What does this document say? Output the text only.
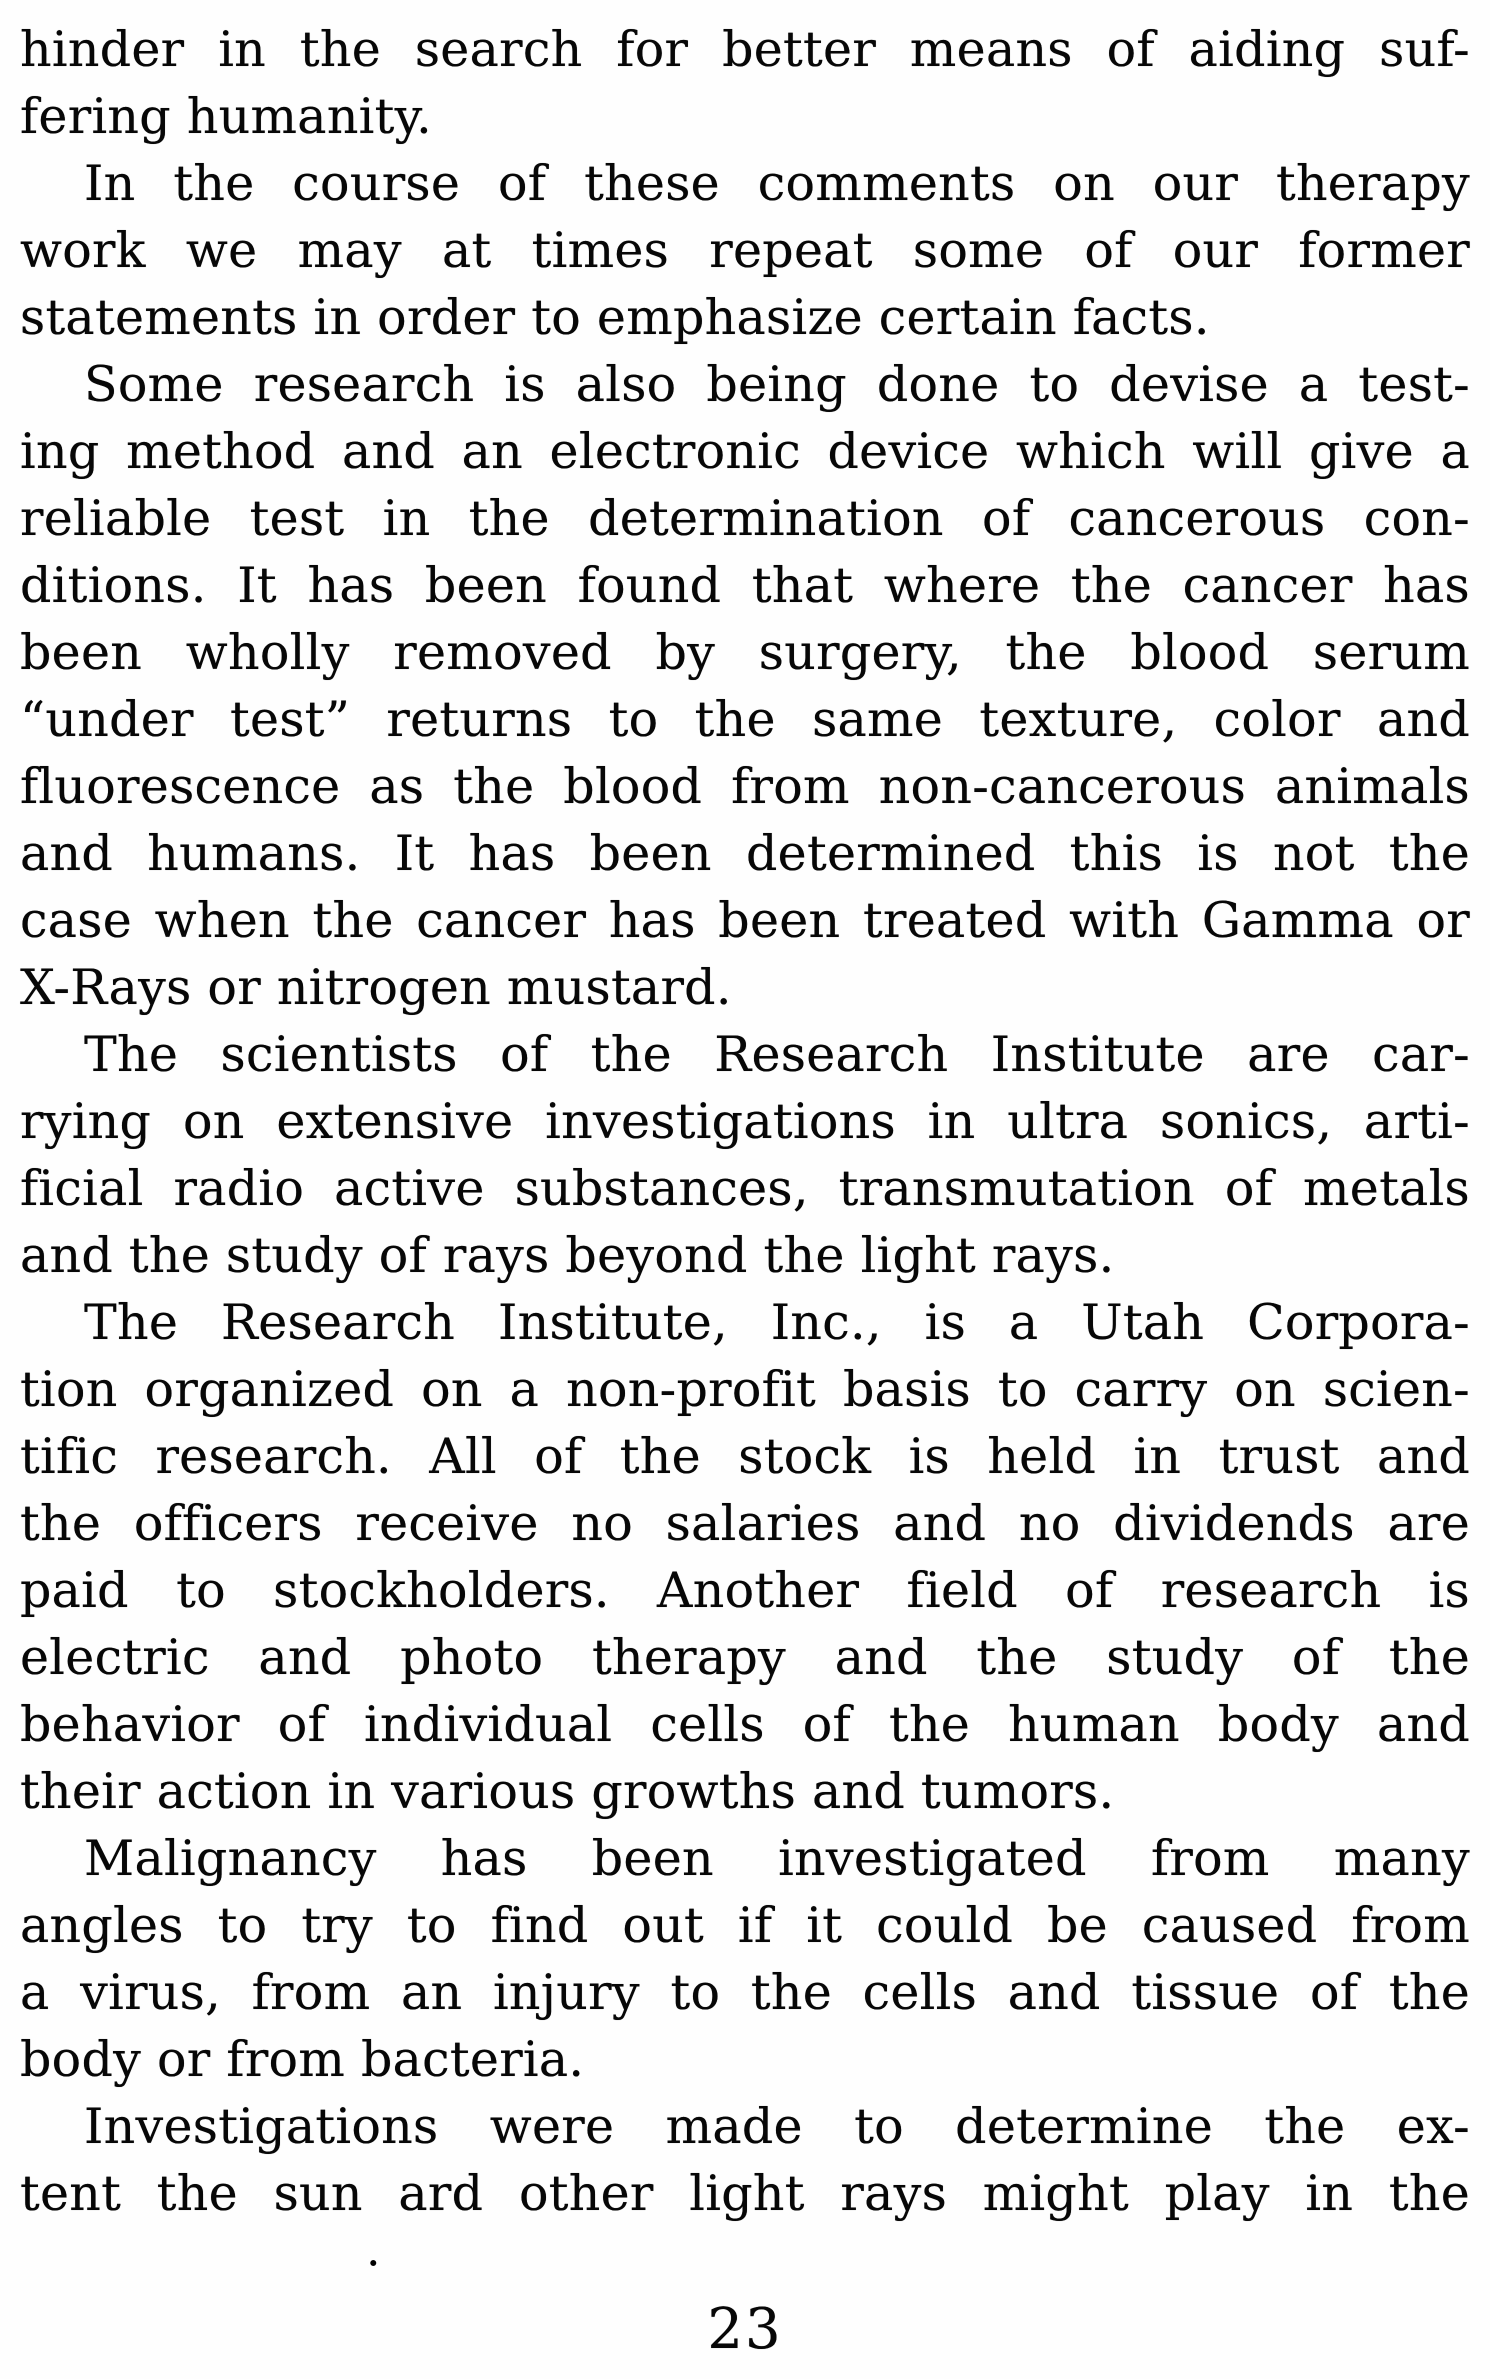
hinder in the search for better means of aiding suf-
fering humanity.
In the course of these comments on our therapy
work we may at times repeat some of our former
statements in order to emphasize certain facts.
Some research is also being done to devise a test-
ing method and an electronic device which will give a
reliable test in the determination of cancerous con-
ditions. It has been found that where the cancer has
been wholly removed by surgery, the blood serum
“under test” returns to the same texture, color and
fluorescence as the blood from non-cancerous animals
and humans. It has been determined this is not the
case when the cancer has been treated with Gamma or
X-Rays or nitrogen mustard.
The scientists of the Research Institute are car-
rying on extensive investigations in ultra sonics, arti-
ficial radio active substances, transmutation of metals
and the study of rays beyond the light rays.
The Research Institute, Inc., is a Utah Corpora-
tion organized on a non-profit basis to carry on scien-
tific research. All of the stock is held in trust and
the officers receive no salaries and no dividends are
paid to stockholders. Another field of research is
electric and photo therapy and the study of the
behavior of individual cells of the human body and
their action in various growths and tumors.
Malignancy has been investigated from many
angles to try to find out if it could be caused from
a virus, from an injury to the cells and tissue of the
body or from bacteria.
Investigations were made to determine the ex-
tent the sun ard other light rays might play in the
·
23
